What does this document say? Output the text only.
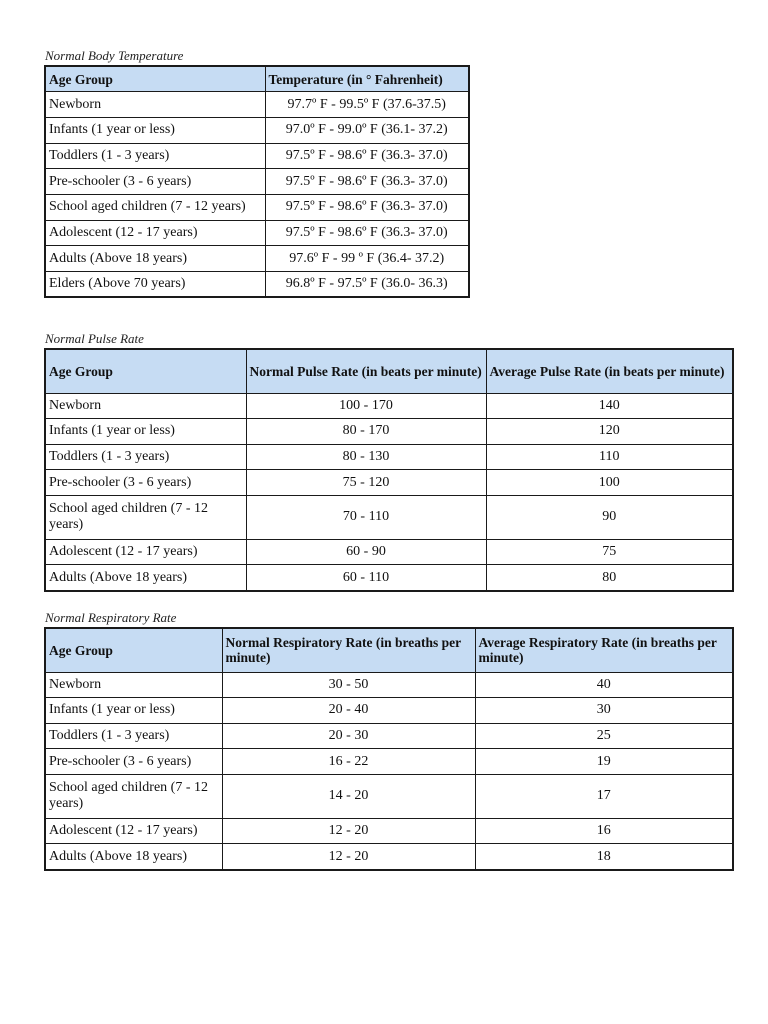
Normal Body Temperature
Age Group	Temperature (in ° Fahrenheit)
Newborn	97.7º F - 99.5º F (37.6-37.5)
Infants (1 year or less)	97.0º F - 99.0º F (36.1- 37.2)
Toddlers (1 - 3 years)	97.5º F - 98.6º F (36.3- 37.0)
Pre-schooler (3 - 6 years)	97.5º F - 98.6º F (36.3- 37.0)
School aged children (7 - 12 years)	97.5º F - 98.6º F (36.3- 37.0)
Adolescent (12 - 17 years)	97.5º F - 98.6º F (36.3- 37.0)
Adults (Above 18 years)	97.6º F - 99 º F (36.4- 37.2)
Elders (Above 70 years)	96.8º F - 97.5º F (36.0- 36.3)
Normal Pulse Rate
Age Group	Normal Pulse Rate (in beats per minute)	Average Pulse Rate (in beats per minute)
Newborn	100 - 170	140
Infants (1 year or less)	80 - 170	120
Toddlers (1 - 3 years)	80 - 130	110
Pre-schooler (3 - 6 years)	75 - 120	100
School aged children (7 - 12 years)	70 - 110	90
Adolescent (12 - 17 years)	60 - 90	75
Adults (Above 18 years)	60 - 110	80
Normal Respiratory Rate
Age Group	Normal Respiratory Rate (in breaths per minute)	Average Respiratory Rate (in breaths per minute)
Newborn	30 - 50	40
Infants (1 year or less)	20 - 40	30
Toddlers (1 - 3 years)	20 - 30	25
Pre-schooler (3 - 6 years)	16 - 22	19
School aged children (7 - 12 years)	14 - 20	17
Adolescent (12 - 17 years)	12 - 20	16
Adults (Above 18 years)	12 - 20	18
